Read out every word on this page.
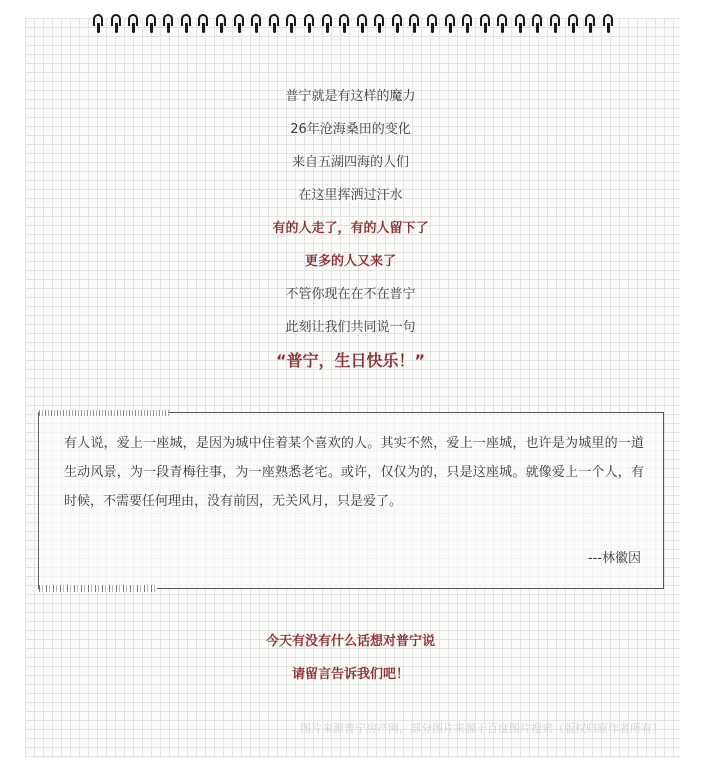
普宁就是有这样的魔力
26年沧海桑田的变化
来自五湖四海的人们
在这里挥洒过汗水
有的人走了，有的人留下了
更多的人又来了
不管你现在在不在普宁
此刻让我们共同说一句
“普宁，生日快乐！”
有人说，爱上一座城，是因为城中住着某个喜欢的人。其实不然，爱上一座城，也许是为城里的一道生动风景，为一段青梅往事，为一座熟悉老宅。或许，仅仅为的，只是这座城。就像爱上一个人，有时候，不需要任何理由，没有前因，无关风月，只是爱了。
---林徽因
今天有没有什么话想对普宁说
请留言告诉我们吧！
图片来源普宁房产网，部分图片来源于百度图片搜索（版权归原作者所有）
